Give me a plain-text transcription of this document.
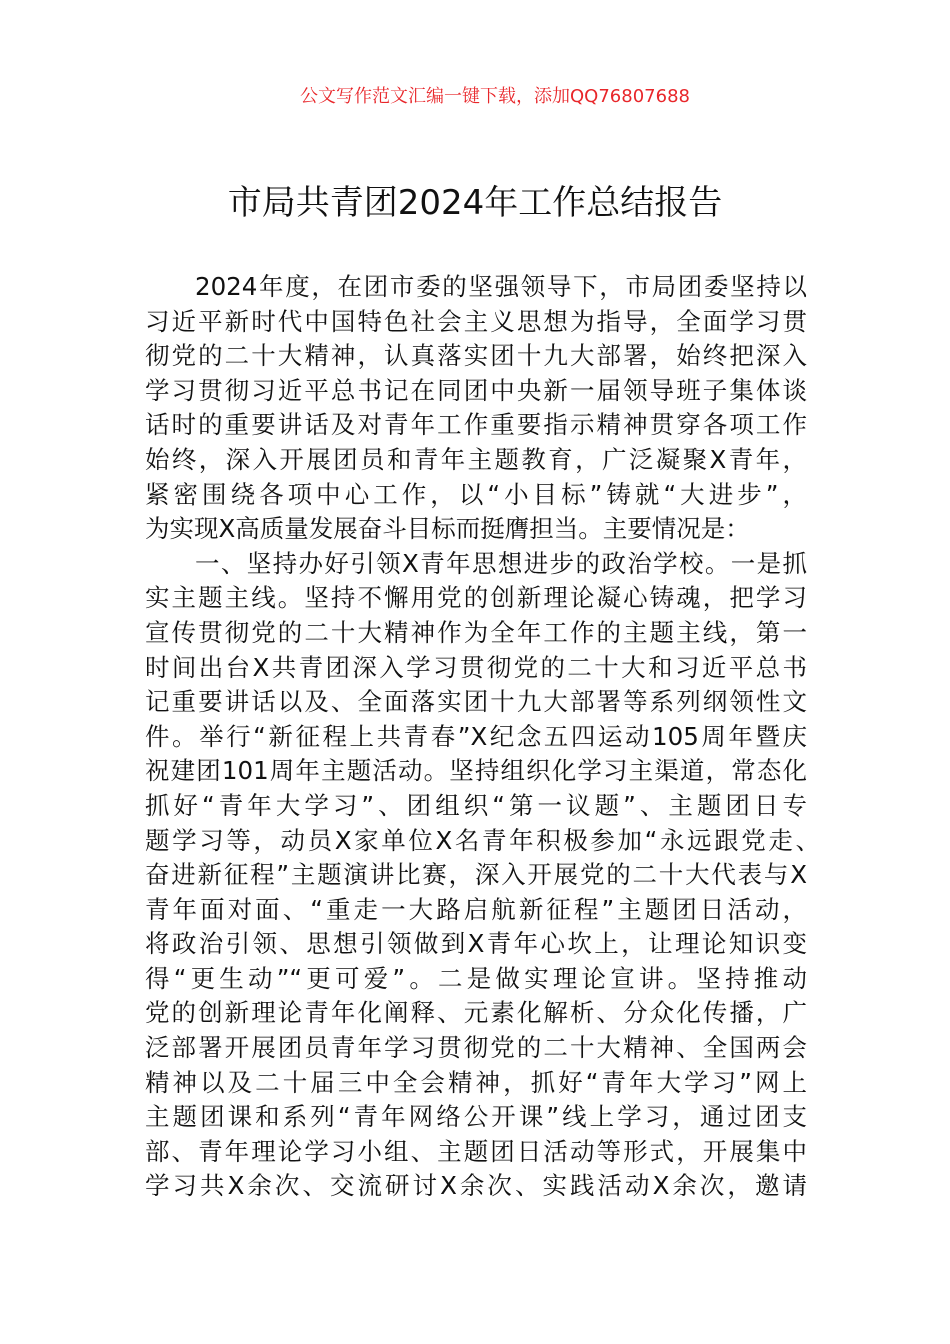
公文写作范文汇编一键下载，添加QQ76807688
市局共青团2024年工作总结报告
2024年度，在团市委的坚强领导下，市局团委坚持以
习近平新时代中国特色社会主义思想为指导，全面学习贯
彻党的二十大精神，认真落实团十九大部署，始终把深入
学习贯彻习近平总书记在同团中央新一届领导班子集体谈
话时的重要讲话及对青年工作重要指示精神贯穿各项工作
始终，深入开展团员和青年主题教育，广泛凝聚X青年，
紧密围绕各项中心工作，以“小目标”铸就“大进步”，
为实现X高质量发展奋斗目标而挺膺担当。主要情况是：
一、坚持办好引领X青年思想进步的政治学校。一是抓
实主题主线。坚持不懈用党的创新理论凝心铸魂，把学习
宣传贯彻党的二十大精神作为全年工作的主题主线，第一
时间出台X共青团深入学习贯彻党的二十大和习近平总书
记重要讲话以及、全面落实团十九大部署等系列纲领性文
件。举行“新征程上共青春”X纪念五四运动105周年暨庆
祝建团101周年主题活动。坚持组织化学习主渠道，常态化
抓好“青年大学习”、团组织“第一议题”、主题团日专
题学习等，动员X家单位X名青年积极参加“永远跟党走、
奋进新征程”主题演讲比赛，深入开展党的二十大代表与X
青年面对面、“重走一大路启航新征程”主题团日活动，
将政治引领、思想引领做到X青年心坎上，让理论知识变
得“更生动”“更可爱”。二是做实理论宣讲。坚持推动
党的创新理论青年化阐释、元素化解析、分众化传播，广
泛部署开展团员青年学习贯彻党的二十大精神、全国两会
精神以及二十届三中全会精神，抓好“青年大学习”网上
主题团课和系列“青年网络公开课”线上学习，通过团支
部、青年理论学习小组、主题团日活动等形式，开展集中
学习共X余次、交流研讨X余次、实践活动X余次，邀请
